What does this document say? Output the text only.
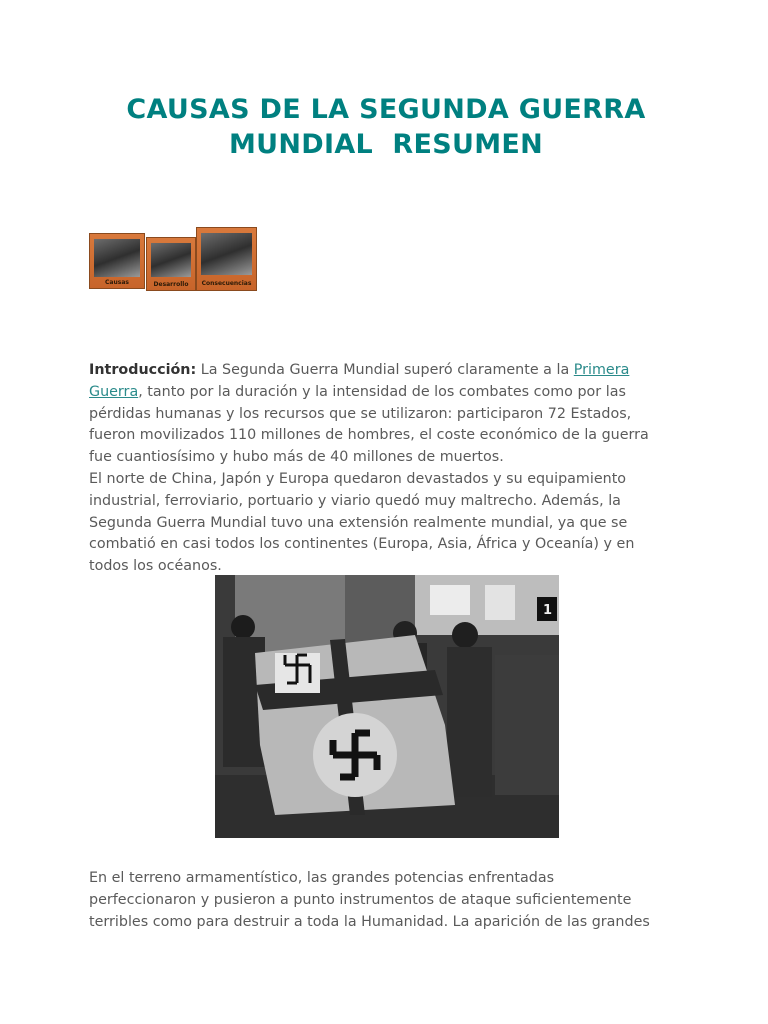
CAUSAS DE LA SEGUNDA GUERRA
MUNDIAL  RESUMEN
Causas	Desarrollo	Consecuencias
Introducción: La Segunda Guerra Mundial superó claramente a la Primera
Guerra, tanto por la duración y la intensidad de los combates como por las
pérdidas humanas y los recursos que se utilizaron: participaron 72 Estados,
fueron movilizados 110 millones de hombres, el coste económico de la guerra
fue cuantiosísimo y hubo más de 40 millones de muertos.
El norte de China, Japón y Europa quedaron devastados y su equipamiento
industrial, ferroviario, portuario y viario quedó muy maltrecho. Además, la
Segunda Guerra Mundial tuvo una extensión realmente mundial, ya que se
combatió en casi todos los continentes (Europa, Asia, África y Oceanía) y en
todos los océanos.
1
En el terreno armamentístico, las grandes potencias enfrentadas
perfeccionaron y pusieron a punto instrumentos de ataque suficientemente
terribles como para destruir a toda la Humanidad. La aparición de las grandes
